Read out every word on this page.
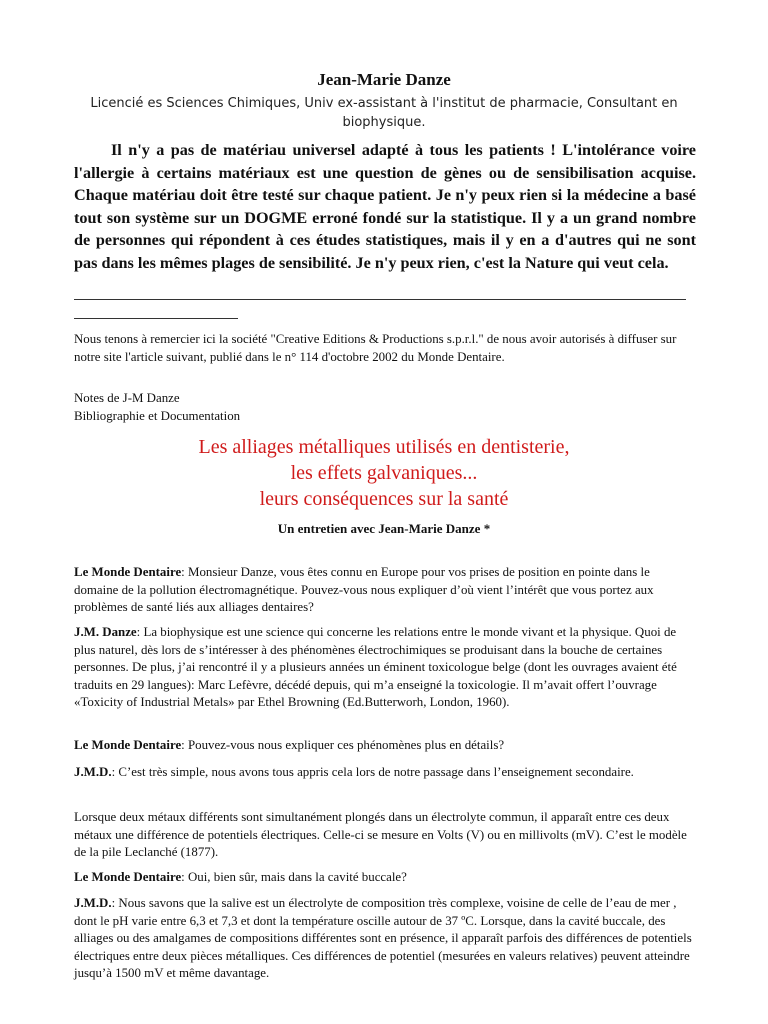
Jean-Marie Danze
Licencié es Sciences Chimiques, Univ ex-assistant à l'institut de pharmacie, Consultant en biophysique.

Il n'y a pas de matériau universel adapté à tous les patients ! L'intolérance voire l'allergie à certains matériaux est une question de gènes ou de sensibilisation acquise. Chaque matériau doit être testé sur chaque patient. Je n'y peux rien si la médecine a basé tout son système sur un DOGME erroné fondé sur la statistique. Il y a un grand nombre de personnes qui répondent à ces études statistiques, mais il y en a d'autres qui ne sont pas dans les mêmes plages de sensibilité. Je n'y peux rien, c'est la Nature qui veut cela.

Nous tenons à remercier ici la société "Creative Editions & Productions s.p.r.l." de nous avoir autorisés à diffuser sur notre site l'article suivant, publié dans le n° 114 d'octobre 2002 du Monde Dentaire.

Notes de J-M Danze
Bibliographie et Documentation

Les alliages métalliques utilisés en dentisterie,
les effets galvaniques...
leurs conséquences sur la santé
Un entretien avec Jean-Marie Danze *

Le Monde Dentaire: Monsieur Danze, vous êtes connu en Europe pour vos prises de position en pointe dans le domaine de la pollution électromagnétique. Pouvez-vous nous expliquer d’où vient l’intérêt que vous portez aux problèmes de santé liés aux alliages dentaires?

J.M. Danze: La biophysique est une science qui concerne les relations entre le monde vivant et la physique. Quoi de plus naturel, dès lors de s’intéresser à des phénomènes électrochimiques se produisant dans la bouche de certaines personnes. De plus, j’ai rencontré il y a plusieurs années un éminent toxicologue belge (dont les ouvrages avaient été traduits en 29 langues): Marc Lefèvre, décédé depuis, qui m’a enseigné la toxicologie. Il m’avait offert l’ouvrage «Toxicity of Industrial Metals» par Ethel Browning (Ed.Butterworh, London, 1960).

Le Monde Dentaire: Pouvez-vous nous expliquer ces phénomènes plus en détails?

J.M.D.: C’est très simple, nous avons tous appris cela lors de notre passage dans l’enseignement secondaire.

Lorsque deux métaux différents sont simultanément plongés dans un électrolyte commun, il apparaît entre ces deux métaux une différence de potentiels électriques. Celle-ci se mesure en Volts (V) ou en millivolts (mV). C’est le modèle de la pile Leclanché (1877).

Le Monde Dentaire: Oui, bien sûr, mais dans la cavité buccale?

J.M.D.: Nous savons que la salive est un électrolyte de composition très complexe, voisine de celle de l’eau de mer , dont le pH varie entre 6,3 et 7,3 et dont la température oscille autour de 37 ºC. Lorsque, dans la cavité buccale, des alliages ou des amalgames de compositions différentes sont en présence, il apparaît parfois des différences de potentiels électriques entre deux pièces métalliques. Ces différences de potentiel (mesurées en valeurs relatives) peuvent atteindre jusqu’à 1500 mV et même davantage.
